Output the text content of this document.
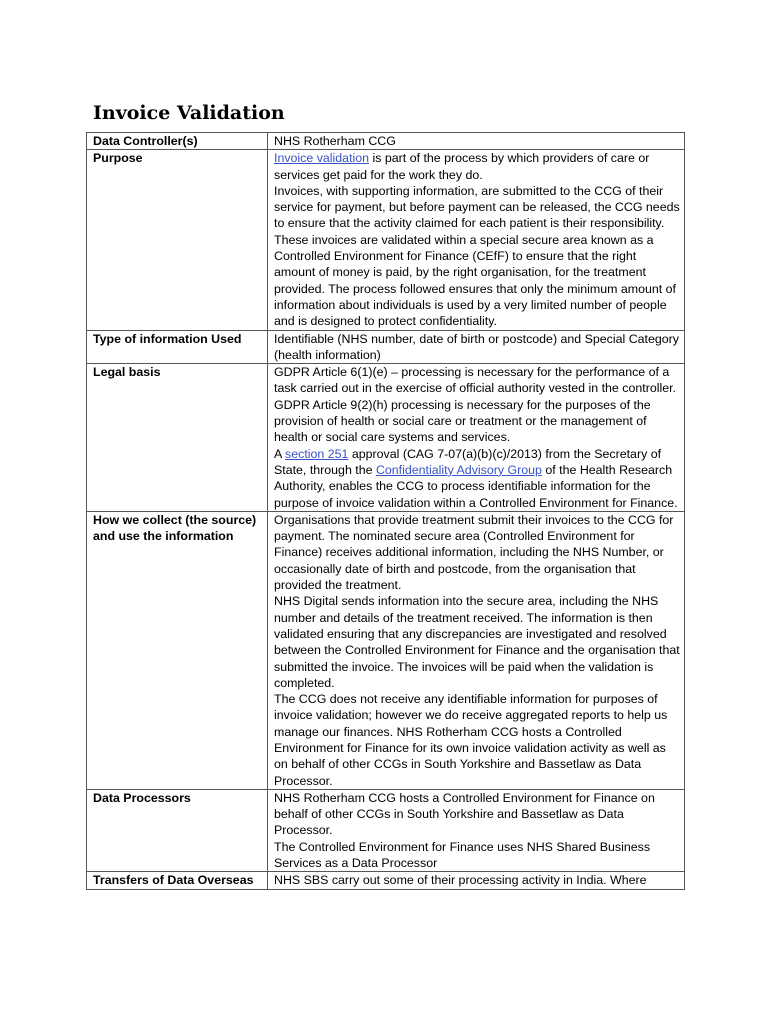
Invoice Validation
Data Controller(s)	NHS Rotherham CCG

Purpose	Invoice validation is part of the process by which providers of care or services get paid for the work they do.

Invoices, with supporting information, are submitted to the CCG of their service for payment, but before payment can be released, the CCG needs to ensure that the activity claimed for each patient is their responsibility. These invoices are validated within a special secure area known as a Controlled Environment for Finance (CEfF) to ensure that the right amount of money is paid, by the right organisation, for the treatment provided. The process followed ensures that only the minimum amount of information about individuals is used by a very limited number of people and is designed to protect confidentiality.

Type of information Used	Identifiable (NHS number, date of birth or postcode) and Special Category (health information)

Legal basis	GDPR Article 6(1)(e) – processing is necessary for the performance of a task carried out in the exercise of official authority vested in the controller.

GDPR Article 9(2)(h) processing is necessary for the purposes of the provision of health or social care or treatment or the management of health or social care systems and services.

A section 251 approval (CAG 7-07(a)(b)(c)/2013) from the Secretary of State, through the Confidentiality Advisory Group of the Health Research Authority, enables the CCG to process identifiable information for the purpose of invoice validation within a Controlled Environment for Finance.

How we collect (the source) and use the information	Organisations that provide treatment submit their invoices to the CCG for payment. The nominated secure area (Controlled Environment for Finance) receives additional information, including the NHS Number, or occasionally date of birth and postcode, from the organisation that provided the treatment.

NHS Digital sends information into the secure area, including the NHS number and details of the treatment received. The information is then validated ensuring that any discrepancies are investigated and resolved between the Controlled Environment for Finance and the organisation that submitted the invoice. The invoices will be paid when the validation is completed.

The CCG does not receive any identifiable information for purposes of invoice validation; however we do receive aggregated reports to help us manage our finances. NHS Rotherham CCG hosts a Controlled Environment for Finance for its own invoice validation activity as well as on behalf of other CCGs in South Yorkshire and Bassetlaw as Data Processor.

Data Processors	NHS Rotherham CCG hosts a Controlled Environment for Finance on behalf of other CCGs in South Yorkshire and Bassetlaw as Data Processor.

The Controlled Environment for Finance uses NHS Shared Business Services as a Data Processor

Transfers of Data Overseas	NHS SBS carry out some of their processing activity in India. Where
